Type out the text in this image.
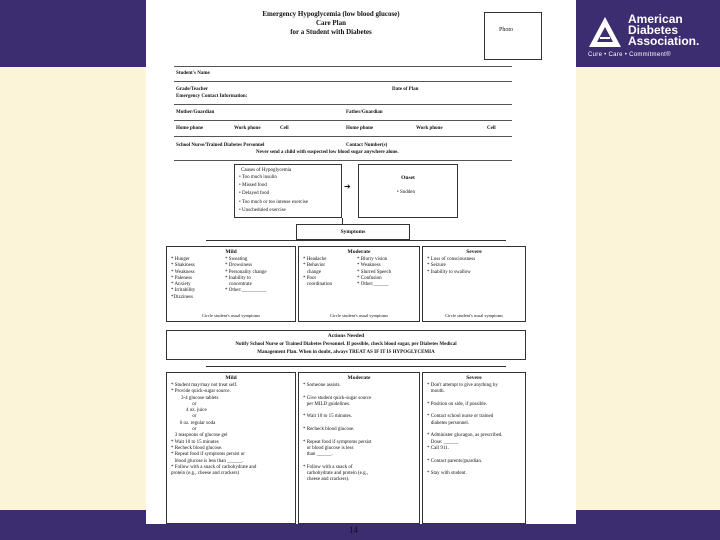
American
Diabetes
Association.
Cure • Care • Commitment®
Emergency Hypoglycemia (low blood glucose)
Care Plan
for a Student with Diabetes	Photo
Student's Name
Grade/Teacher	Date of Plan
Emergency Contact Information:
Mother/Guardian	Father/Guardian
Home phone	Work phone	Cell	Home phone	Work phone	Cell
School Nurse/Trained Diabetes Personnel	Contact Number(s)
Never send a child with suspected low blood sugar anywhere alone.
Causes of Hypoglycemia
• Too much insulin
• Missed food
• Delayed food
• Too much or too intense exercise
• Unscheduled exercise
➔
Onset
• Sudden
Symptoms
Mild
* Hunger
* Shakiness
* Weakness
* Paleness
* Anxiety
* Irritability
*Dizziness
* Sweating
* Drowsiness
* Personality change
* Inability to
concentrate
* Other:__________
Circle student's usual symptoms
Moderate
* Headache
* Behavior
change
* Poor
coordination
* Blurry vision
* Weakness
* Slurred Speech
* Confusion
* Other:______
Circle student's usual symptoms
Severe
* Loss of consciousness
* Seizure
* Inability to swallow
Circle student's usual symptoms
Actions Needed
Notify School Nurse or Trained Diabetes Personnel. If possible, check blood sugar, per Diabetes Medical
Management Plan. When in doubt, always TREAT AS IF IT IS HYPOGLYCEMIA
Mild
* Student may/may not treat self.
* Provide quick-sugar source.
3-4 glucose tablets
or
4 oz. juice
or
6 oz. regular soda
or
3 teaspoons of glucose gel
* Wait 10 to 15 minutes
* Recheck blood glucose.
* Repeat food if symptoms persist or
blood glucose is less than ______.
* Follow with a snack of carbohydrate and
protein (e.g., cheese and crackers)
Moderate
* Someone assists.

* Give student quick-sugar source
per MILD guidelines.

* Wait 10 to 15 minutes.

* Recheck blood glucose.

* Repeat food if symptoms persist
or blood glucose is less
than ______.

* Follow with a snack of
carbohydrate and protein (e.g.,
cheese and crackers).
Severe
* Don't attempt to give anything by
mouth.

* Position on side, if possible.

* Contact school nurse or trained
diabetes personnel.

* Administer glucagon, as prescribed.
Dose: ______
* Call 911.

* Contact parents/guardian.

* Stay with student.
14
